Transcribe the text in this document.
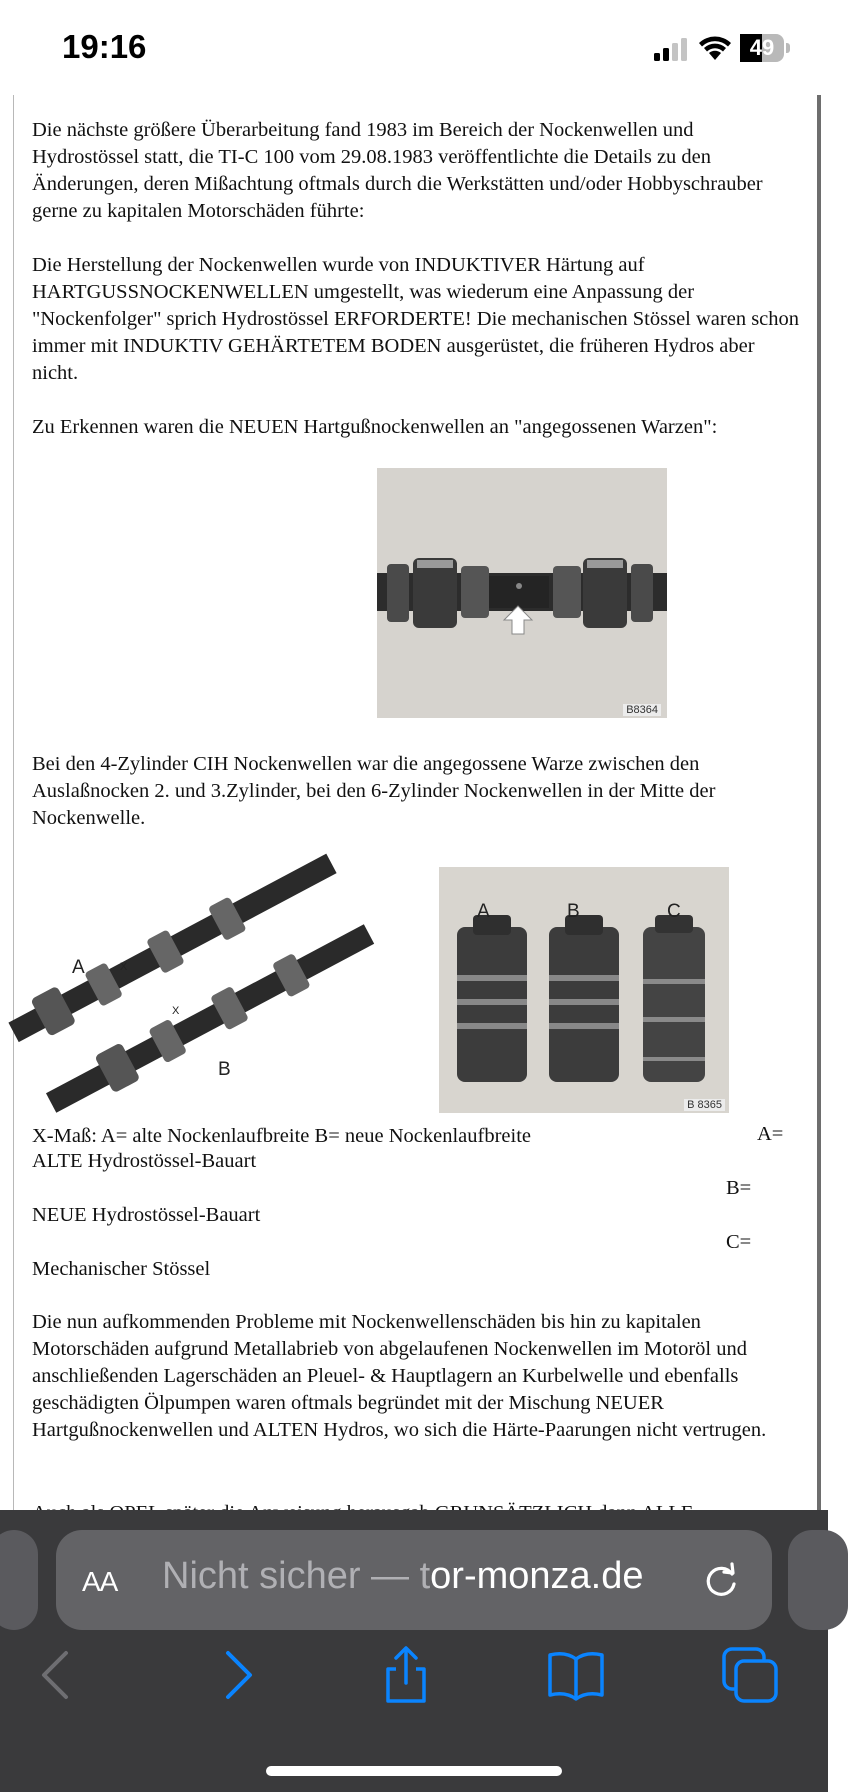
19:16	49

Die nächste größere Überarbeitung fand 1983 im Bereich der Nockenwellen und Hydrostössel statt, die TI-C 100 vom 29.08.1983 veröffentlichte die Details zu den Änderungen, deren Mißachtung oftmals durch die Werkstätten und/oder Hobbyschrauber gerne zu kapitalen Motorschäden führte:

Die Herstellung der Nockenwellen wurde von INDUKTIVER Härtung auf HARTGUSSNOCKENWELLEN umgestellt, was wiederum eine Anpassung der "Nockenfolger" sprich Hydrostössel ERFORDERTE! Die mechanischen Stössel waren schon immer mit INDUKTIV GEHÄRTETEM BODEN ausgerüstet, die früheren Hydros aber nicht.

Zu Erkennen waren die NEUEN Hartgußnockenwellen an "angegossenen Warzen":

B8364

Bei den 4-Zylinder CIH Nockenwellen war die angegossene Warze zwischen den Auslaßnocken 2. und 3.Zylinder, bei den 6-Zylinder Nockenwellen in der Mitte der Nockenwelle.

A
B
X
X
A	B	C
B 8365
X-Maß: A= alte Nockenlaufbreite B= neue Nockenlaufbreite	A=
ALTE Hydrostössel-Bauart
B=
NEUE Hydrostössel-Bauart
C=
Mechanischer Stössel
Die nun aufkommenden Probleme mit Nockenwellenschäden bis hin zu kapitalen Motorschäden aufgrund Metallabrieb von abgelaufenen Nockenwellen im Motoröl und anschließenden Lagerschäden an Pleuel- & Hauptlagern an Kurbelwelle und ebenfalls geschädigten Ölpumpen waren oftmals begründet mit der Mischung NEUER Hartgußnockenwellen und ALTEN Hydros, wo sich die Härte-Paarungen nicht vertrugen.
AA Nicht sicher — tor-monza.de
